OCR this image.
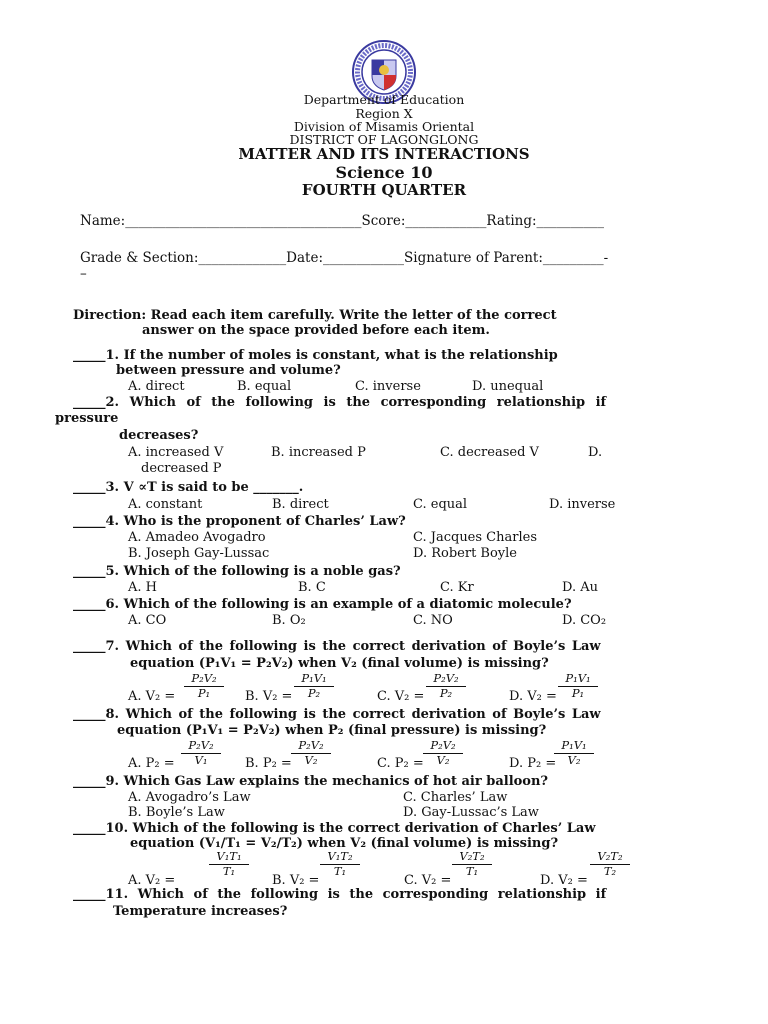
Department of Education
Region X
Division of Misamis Oriental
DISTRICT OF LAGONGLONG
MATTER AND ITS INTERACTIONS
Science 10
FOURTH QUARTER
Name:___________________________________Score:____________Rating:__________
Grade & Section:_____________Date:____________Signature of Parent:_________-
–
Direction: Read each item carefully. Write the letter of the correct
answer on the space provided before each item.
_____1. If the number of moles is constant, what is the relationship
between pressure and volume?
A. direct	B. equal	C. inverse	D. unequal
_____2. Which of the following is the corresponding relationship if
pressure
decreases?
A. increased V	B. increased P	C. decreased V	D.
decreased P
_____3. V ∝T is said to be _______.
A. constant	B. direct	C. equal	D. inverse
_____4. Who is the proponent of Charles’ Law?
A. Amadeo Avogadro
B. Joseph Gay-Lussac
C. Jacques Charles
D. Robert Boyle
_____5. Which of the following is a noble gas?
A. H	B. C	C. Kr	D. Au
_____6. Which of the following is an example of a diatomic molecule?
A. CO	B. O₂	C. NO	D. CO₂
_____7. Which of the following is the correct derivation of Boyle’s Law
equation (P₁V₁ = P₂V₂) when V₂ (final volume) is missing?
$\frac{\text{P₂V₂}}{\text{P₁}}$	$\frac{\text{P₁V₁}}{\text{P₂}}$	$\frac{\text{P₂V₂}}{\text{P₂}}$	$\frac{\text{P₁V₁}}{\text{P₁}}$
A. V₂ =	B. V₂ =	C. V₂ =	D. V₂ =
_____8. Which of the following is the correct derivation of Boyle’s Law
equation (P₁V₁ = P₂V₂) when P₂ (final pressure) is missing?
$\frac{\text{P₂V₂}}{\text{V₁}}$	$\frac{\text{P₂V₂}}{\text{V₂}}$	$\frac{\text{P₂V₂}}{\text{V₂}}$	$\frac{\text{P₁V₁}}{\text{V₂}}$
A. P₂ =	B. P₂ =	C. P₂ =	D. P₂ =
_____9. Which Gas Law explains the mechanics of hot air balloon?
A. Avogadro’s Law
B. Boyle’s Law
C. Charles’ Law
D. Gay-Lussac’s Law
_____10. Which of the following is the correct derivation of Charles’ Law
equation (V₁/T₁ = V₂/T₂) when V₂ (final volume) is missing?
$\frac{\text{V₁T₁}}{\text{T₁}}$	$\frac{\text{V₁T₂}}{\text{T₁}}$	$\frac{\text{V₂T₂}}{\text{T₁}}$	$\frac{\text{V₂T₂}}{\text{T₂}}$
A. V₂ =	B. V₂ =	C. V₂ =	D. V₂ =
_____11. Which of the following is the corresponding relationship if
Temperature increases?
